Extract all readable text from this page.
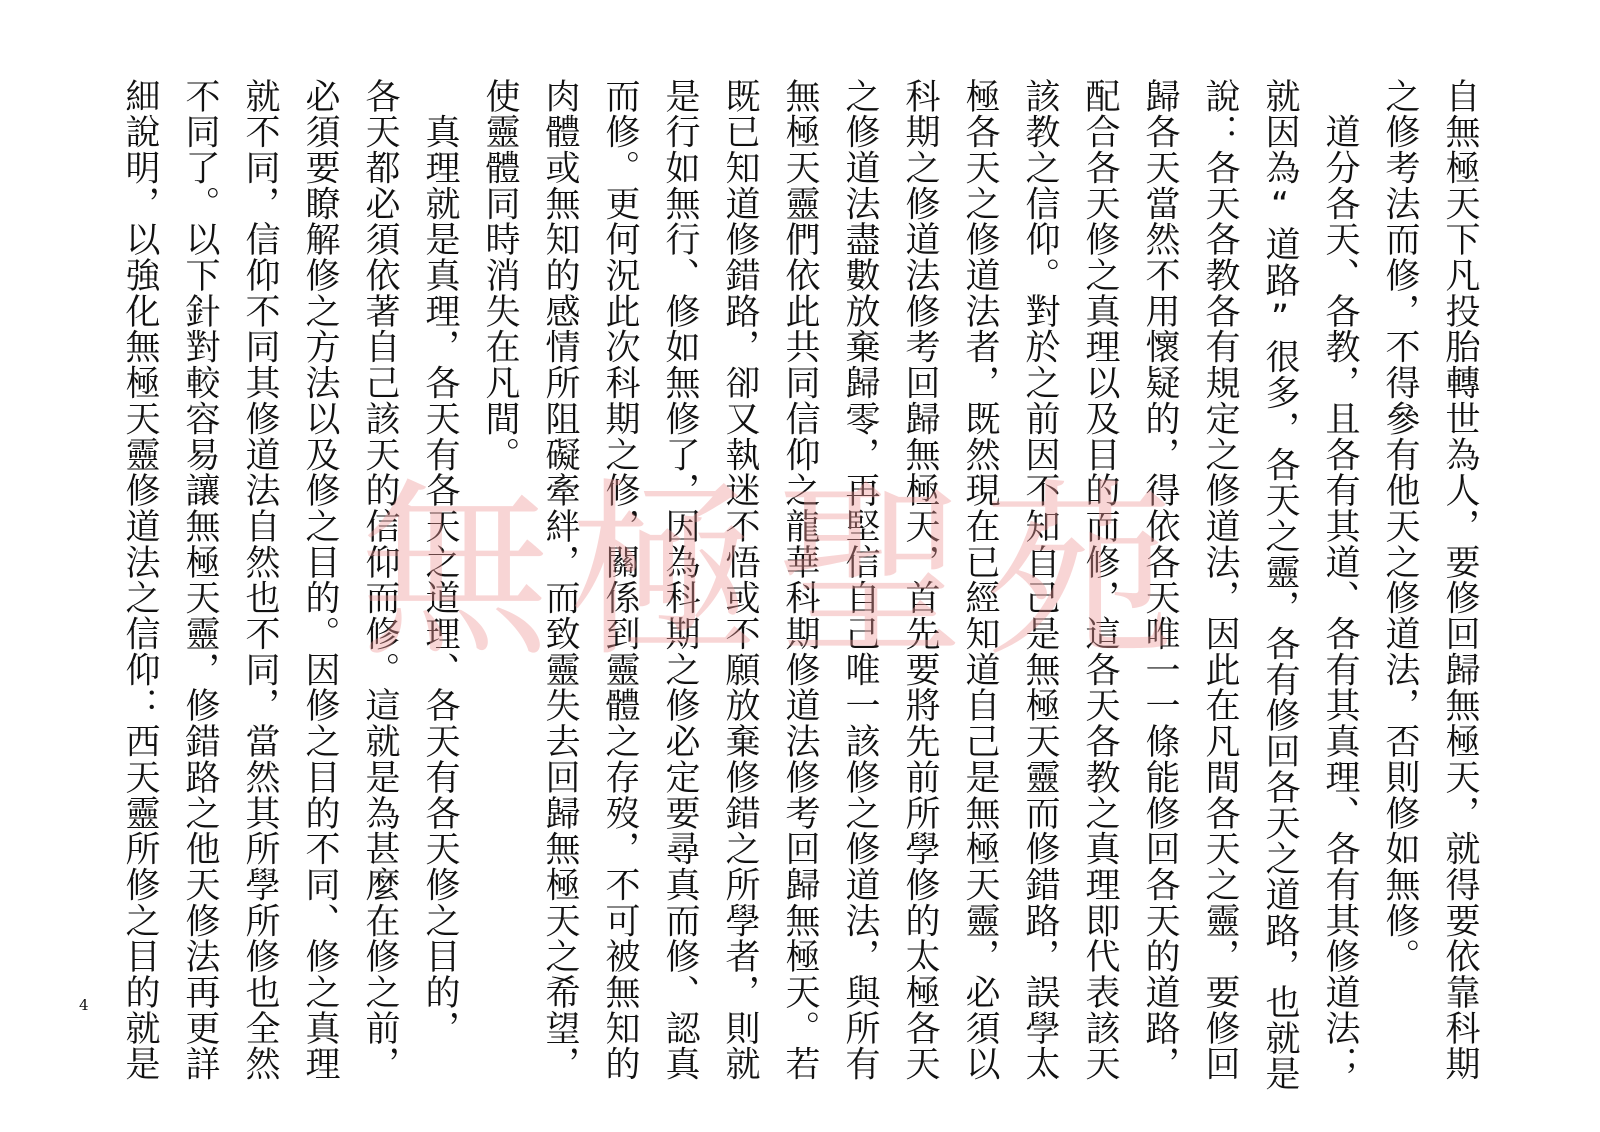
自無極天下凡投胎轉世為人，要修回歸無極天，就得要依靠科期
之修考法而修，不得參有他天之修道法，否則修如無修。
　道分各天、各教，且各有其道、各有其真理、各有其修道法；
就因為“道路”很多，各天之靈，各有修回各天之道路，也就是
說：各天各教各有規定之修道法，因此在凡間各天之靈，要修回
歸各天當然不用懷疑的，得依各天唯一一條能修回各天的道路，
配合各天修之真理以及目的而修，這各天各教之真理即代表該天
該教之信仰。對於之前因不知自己是無極天靈而修錯路，誤學太
極各天之修道法者，既然現在已經知道自己是無極天靈，必須以
科期之修道法修考回歸無極天，首先要將先前所學修的太極各天
之修道法盡數放棄歸零，再堅信自己唯一該修之修道法，與所有
無極天靈們依此共同信仰之龍華科期修道法修考回歸無極天。若
既已知道修錯路，卻又執迷不悟或不願放棄修錯之所學者，則就
是行如無行、修如無修了，因為科期之修必定要尋真而修、認真
而修。更何況此次科期之修，關係到靈體之存歿，不可被無知的
肉體或無知的感情所阻礙牽絆，而致靈失去回歸無極天之希望，
使靈體同時消失在凡間。
　真理就是真理，各天有各天之道理、各天有各天修之目的，
各天都必須依著自己該天的信仰而修。這就是為甚麼在修之前，
必須要瞭解修之方法以及修之目的。因修之目的不同、修之真理
就不同，信仰不同其修道法自然也不同，當然其所學所修也全然
不同了。以下針對較容易讓無極天靈，修錯路之他天修法再更詳
細說明，以強化無極天靈修道法之信仰：西天靈所修之目的就是 無極聖苑
4
